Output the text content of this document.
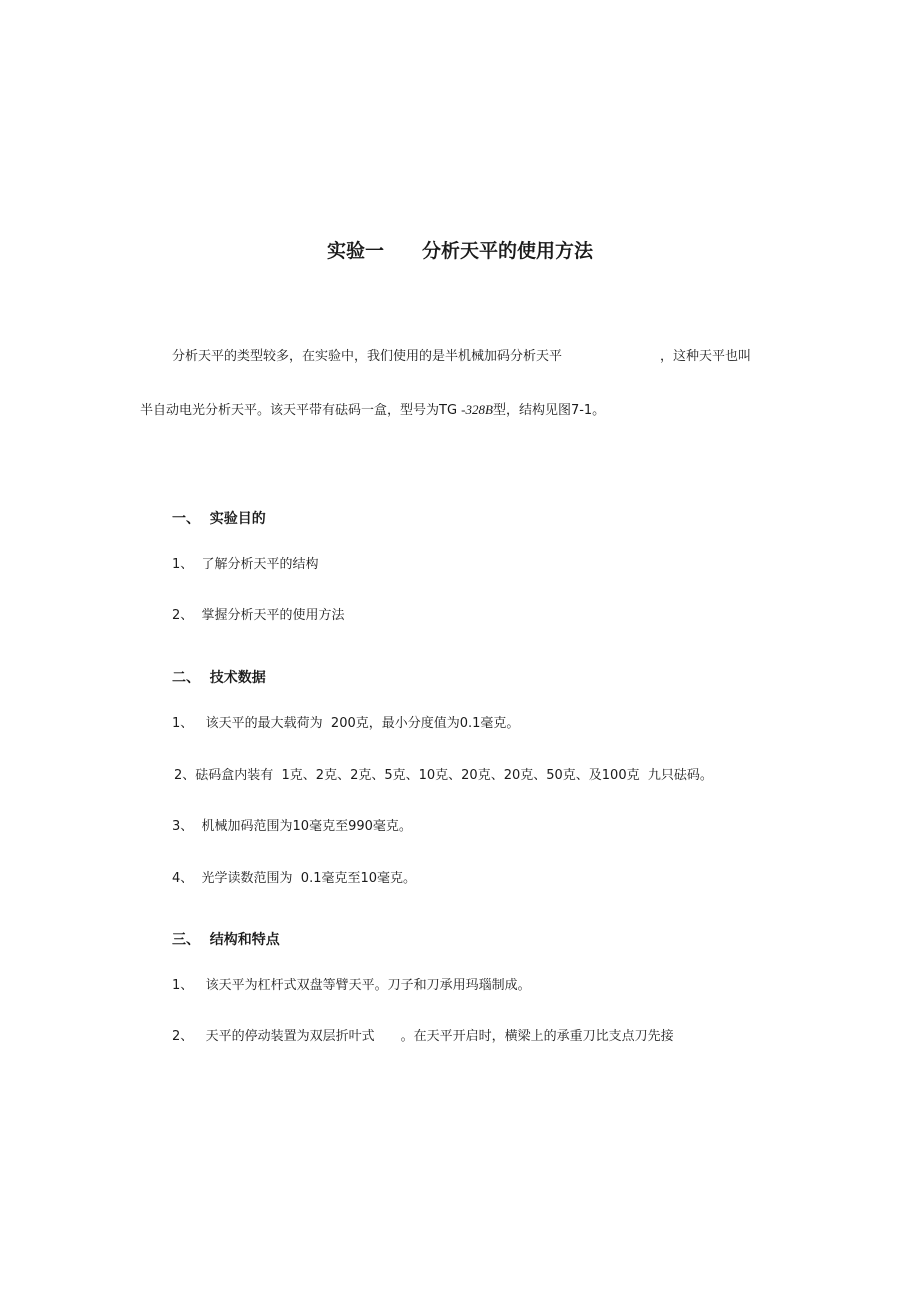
实验一　　分析天平的使用方法
分析天平的类型较多，在实验中，我们使用的是半机械加码分析天平	，这种天平也叫
半自动电光分析天平。该天平带有砝码一盒，型号为TG -328B型，结构见图7-1。
一、  实验目的
1、  了解分析天平的结构
2、  掌握分析天平的使用方法
二、  技术数据
1、   该天平的最大载荷为  200克，最小分度值为0.1毫克。
2、砝码盒内装有  1克、2克、2克、5克、10克、20克、20克、50克、及100克  九只砝码。
3、  机械加码范围为10毫克至990毫克。
4、  光学读数范围为  0.1毫克至10毫克。
三、  结构和特点
1、   该天平为杠杆式双盘等臂天平。刀子和刀承用玛瑙制成。
2、   天平的停动装置为双层折叶式　　。在天平开启时，横梁上的承重刀比支点刀先接
